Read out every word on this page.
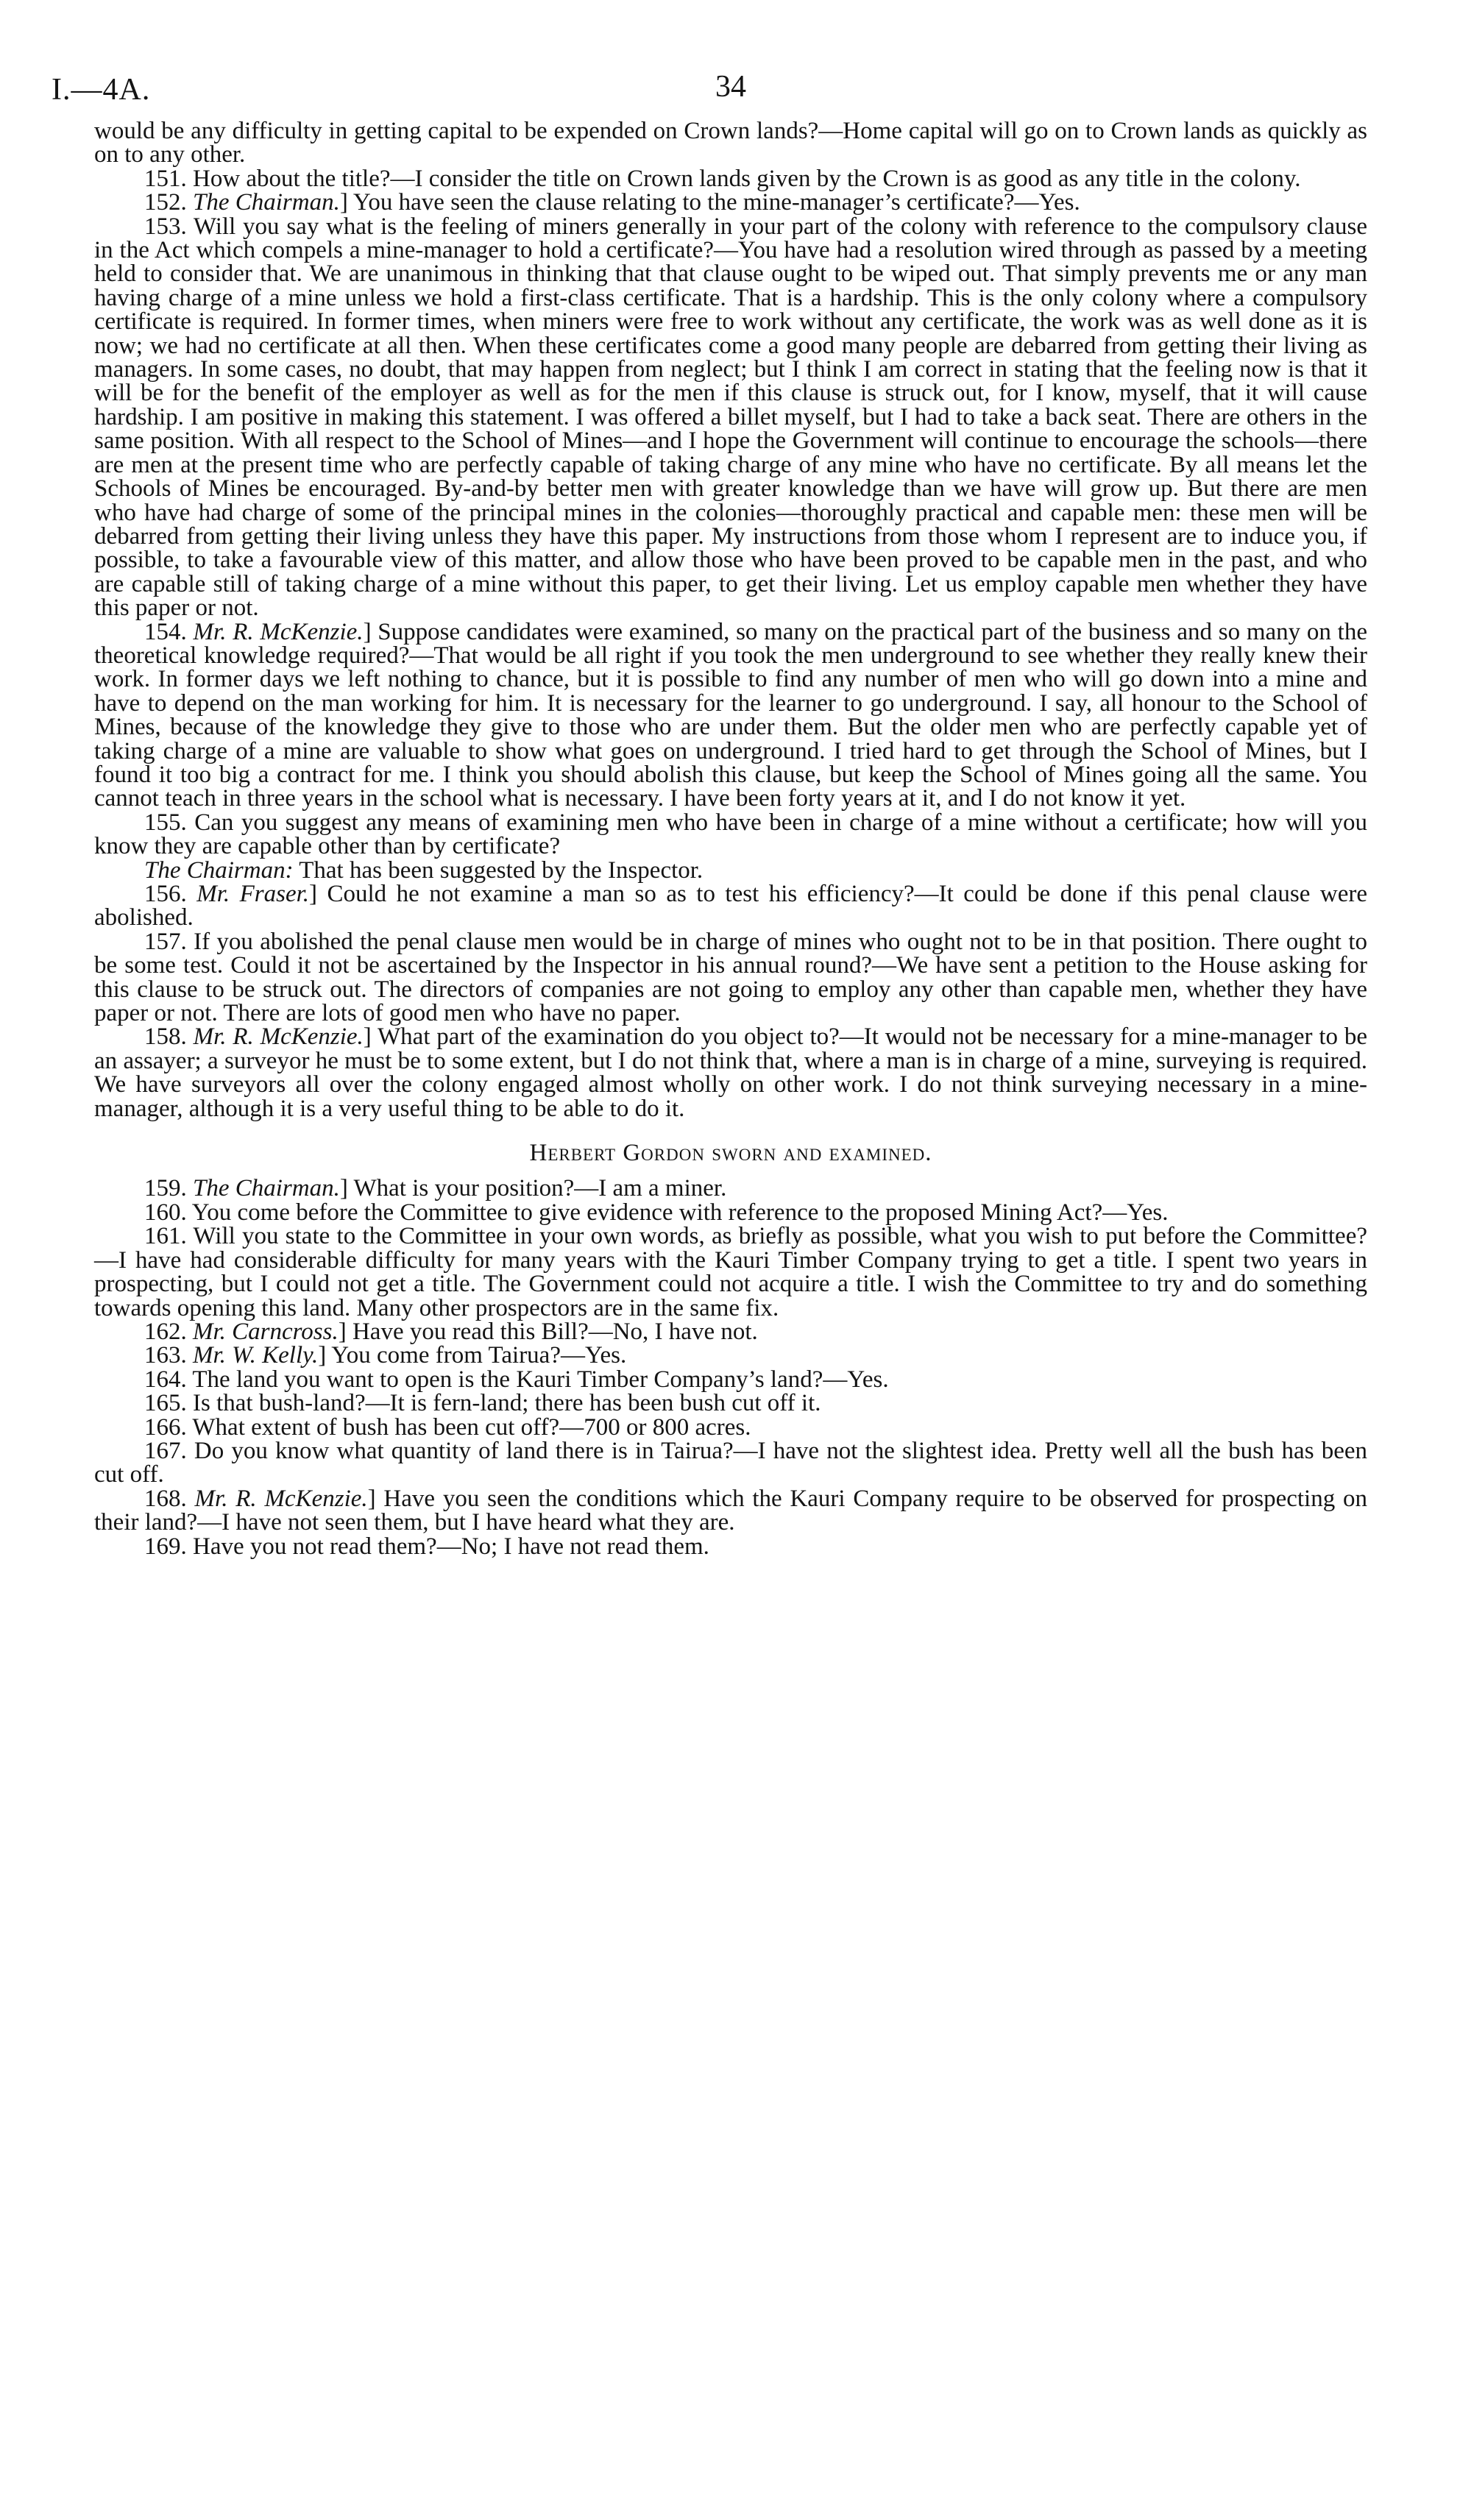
I.—4A.	34

would be any difficulty in getting capital to be expended on Crown lands?—Home capital will go on to Crown lands as quickly as on to any other.

151. How about the title?—I consider the title on Crown lands given by the Crown is as good as any title in the colony.

152. The Chairman.] You have seen the clause relating to the mine-manager’s certificate?—Yes.

153. Will you say what is the feeling of miners generally in your part of the colony with reference to the compulsory clause in the Act which compels a mine-manager to hold a certificate?—You have had a resolution wired through as passed by a meeting held to consider that. We are unanimous in thinking that that clause ought to be wiped out. That simply prevents me or any man having charge of a mine unless we hold a first-class certificate. That is a hardship. This is the only colony where a compulsory certificate is required. In former times, when miners were free to work without any certificate, the work was as well done as it is now; we had no certificate at all then. When these certificates come a good many people are debarred from getting their living as managers. In some cases, no doubt, that may happen from neglect; but I think I am correct in stating that the feeling now is that it will be for the benefit of the employer as well as for the men if this clause is struck out, for I know, myself, that it will cause hardship. I am positive in making this statement. I was offered a billet myself, but I had to take a back seat. There are others in the same position. With all respect to the School of Mines—and I hope the Government will continue to encourage the schools—there are men at the present time who are perfectly capable of taking charge of any mine who have no certificate. By all means let the Schools of Mines be encouraged. By-and-by better men with greater knowledge than we have will grow up. But there are men who have had charge of some of the principal mines in the colonies—thoroughly practical and capable men: these men will be debarred from getting their living unless they have this paper. My instructions from those whom I represent are to induce you, if possible, to take a favourable view of this matter, and allow those who have been proved to be capable men in the past, and who are capable still of taking charge of a mine without this paper, to get their living. Let us employ capable men whether they have this paper or not.

154. Mr. R. McKenzie.] Suppose candidates were examined, so many on the practical part of the business and so many on the theoretical knowledge required?—That would be all right if you took the men underground to see whether they really knew their work. In former days we left nothing to chance, but it is possible to find any number of men who will go down into a mine and have to depend on the man working for him. It is necessary for the learner to go underground. I say, all honour to the School of Mines, because of the knowledge they give to those who are under them. But the older men who are perfectly capable yet of taking charge of a mine are valuable to show what goes on underground. I tried hard to get through the School of Mines, but I found it too big a contract for me. I think you should abolish this clause, but keep the School of Mines going all the same. You cannot teach in three years in the school what is necessary. I have been forty years at it, and I do not know it yet.

155. Can you suggest any means of examining men who have been in charge of a mine without a certificate; how will you know they are capable other than by certificate?

The Chairman: That has been suggested by the Inspector.

156. Mr. Fraser.] Could he not examine a man so as to test his efficiency?—It could be done if this penal clause were abolished.

157. If you abolished the penal clause men would be in charge of mines who ought not to be in that position. There ought to be some test. Could it not be ascertained by the Inspector in his annual round?—We have sent a petition to the House asking for this clause to be struck out. The directors of companies are not going to employ any other than capable men, whether they have paper or not. There are lots of good men who have no paper.

158. Mr. R. McKenzie.] What part of the examination do you object to?—It would not be necessary for a mine-manager to be an assayer; a surveyor he must be to some extent, but I do not think that, where a man is in charge of a mine, surveying is required. We have surveyors all over the colony engaged almost wholly on other work. I do not think surveying necessary in a mine-manager, although it is a very useful thing to be able to do it.

Herbert Gordon sworn and examined.

159. The Chairman.] What is your position?—I am a miner.

160. You come before the Committee to give evidence with reference to the proposed Mining Act?—Yes.

161. Will you state to the Committee in your own words, as briefly as possible, what you wish to put before the Committee?—I have had considerable difficulty for many years with the Kauri Timber Company trying to get a title. I spent two years in prospecting, but I could not get a title. The Government could not acquire a title. I wish the Committee to try and do something towards opening this land. Many other prospectors are in the same fix.

162. Mr. Carncross.] Have you read this Bill?—No, I have not.

163. Mr. W. Kelly.] You come from Tairua?—Yes.

164. The land you want to open is the Kauri Timber Company’s land?—Yes.

165. Is that bush-land?—It is fern-land; there has been bush cut off it.

166. What extent of bush has been cut off?—700 or 800 acres.

167. Do you know what quantity of land there is in Tairua?—I have not the slightest idea. Pretty well all the bush has been cut off.

168. Mr. R. McKenzie.] Have you seen the conditions which the Kauri Company require to be observed for prospecting on their land?—I have not seen them, but I have heard what they are.

169. Have you not read them?—No; I have not read them.
